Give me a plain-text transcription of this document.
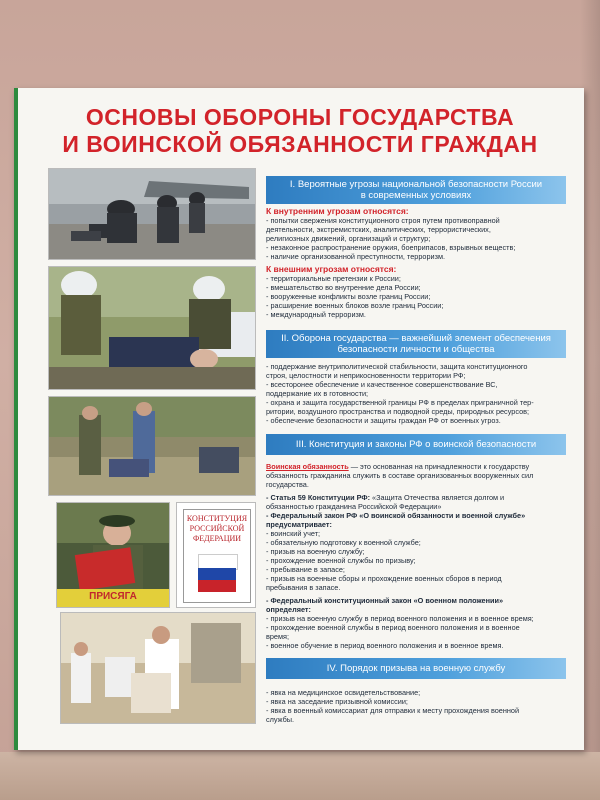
ОСНОВЫ ОБОРОНЫ ГОСУДАРСТВА
И ВОИНСКОЙ ОБЯЗАННОСТИ ГРАЖДАН
ПРИСЯГА
КОНСТИТУЦИЯ
РОССИЙСКОЙ
ФЕДЕРАЦИИ
I. Вероятные угрозы национальной безопасности России
в современных условиях
К внутренним угрозам относятся:
- попытки свержения конституционного строя путем противоправной
деятельности, экстремистских, аналитических, террористических,
религиозных движений, организаций и структур;
- незаконное распространение оружия, боеприпасов, взрывных веществ;
- наличие организованной преступности, терроризм.
К внешним угрозам относятся:
- территориальные претензии к России;
- вмешательство во внутренние дела России;
- вооруженные конфликты возле границ России;
- расширение военных блоков возле границ России;
- международный терроризм.
II. Оборона государства — важнейший элемент обеспечения
безопасности личности и общества
- поддержание внутриполитической стабильности, защита конституционного
строя, целостности и неприкосновенности территории РФ;
- всесторонее обеспечение и качественное совершенствование ВС,
поддержание их в готовности;
- охрана и защита государственной границы РФ в пределах приграничной тер-
ритории, воздушного пространства и подводной среды, природных ресурсов;
- обеспечение безопасности и защиты граждан РФ от военных угроз.
III. Конституция и законы РФ о воинской безопасности
Воинская обязанность — это основанная на принадлежности к государству
обязанность гражданина служить в составе организованных вооруженных сил
государства.
- Статья 59 Конституции РФ: «Защита Отечества является долгом и
обязанностью гражданина Российской Федерации»
- Федеральный закон РФ «О воинской обязанности и военной службе»
предусматривает:
- воинский учет;
- обязательную подготовку к военной службе;
- призыв на военную службу;
- прохождение военной службы по призыву;
- пребывание в запасе;
- призыв на военные сборы и прохождение военных сборов в период
пребывания в запасе.
- Федеральный конституционный закон «О военном положении»
определяет:
- призыв на военную службу в период военного положения и в военное время;
- прохождение военной службы в период военного положения и в военное
время;
- военное обучение в период военного положения и в военное время.
IV. Порядок призыва на военную службу
- явка на медицинское освидетельствование;
- явка на заседание призывной комиссии;
- явка в военный комиссариат для отправки к месту прохождения военной
службы.
